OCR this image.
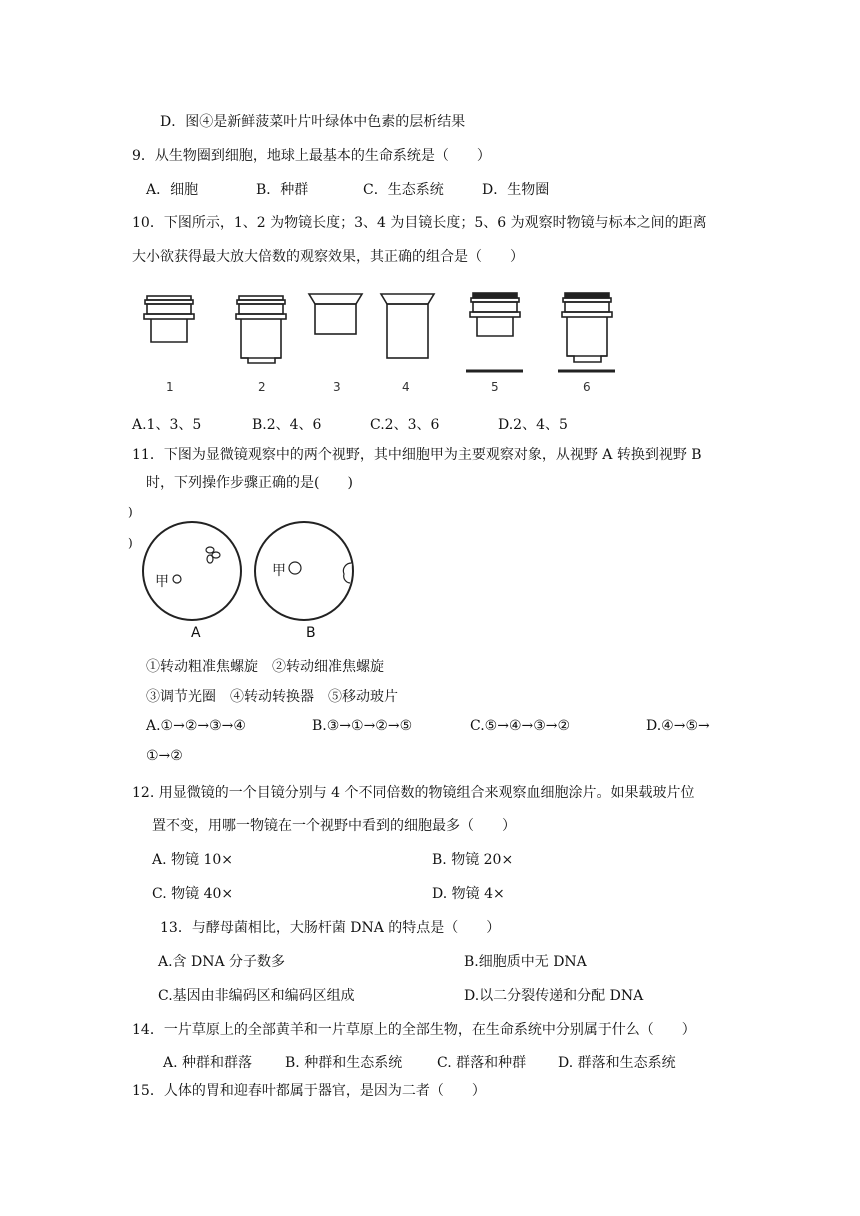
D．图④是新鲜菠菜叶片叶绿体中色素的层析结果
9．从生物圈到细胞，地球上最基本的生命系统是（　　）
A．细胞	B．种群	C．生态系统	D．生物圈
10．下图所示，1、2 为物镜长度；3、4 为目镜长度；5、6 为观察时物镜与标本之间的距离
大小欲获得最大放大倍数的观察效果，其正确的组合是（　　）
1	2	3	4	5	6
A.1、3、5	B.2、4、6	C.2、3、6	D.2、4、5
11．下图为显微镜观察中的两个视野，其中细胞甲为主要观察对象，从视野 A 转换到视野 B
时，下列操作步骤正确的是(　　)
)
)
甲
甲
A	B
①转动粗准焦螺旋　②转动细准焦螺旋
③调节光圈　④转动转换器　⑤移动玻片
A.①→②→③→④	B.③→①→②→⑤	C.⑤→④→③→②	D.④→⑤→
①→②
12. 用显微镜的一个目镜分别与 4 个不同倍数的物镜组合来观察血细胞涂片。如果载玻片位
置不变，用哪一物镜在一个视野中看到的细胞最多（　　）
A. 物镜 10×	B. 物镜 20×
C. 物镜 40×	D. 物镜 4×
13．与酵母菌相比，大肠杆菌 DNA 的特点是（　　）
A.含 DNA 分子数多	B.细胞质中无 DNA
C.基因由非编码区和编码区组成	D.以二分裂传递和分配 DNA
14．一片草原上的全部黄羊和一片草原上的全部生物，在生命系统中分别属于什么（　　）
A. 种群和群落 B. 种群和生态系统 C. 群落和种群 D. 群落和生态系统
15．人体的胃和迎春叶都属于器官，是因为二者（　　）
